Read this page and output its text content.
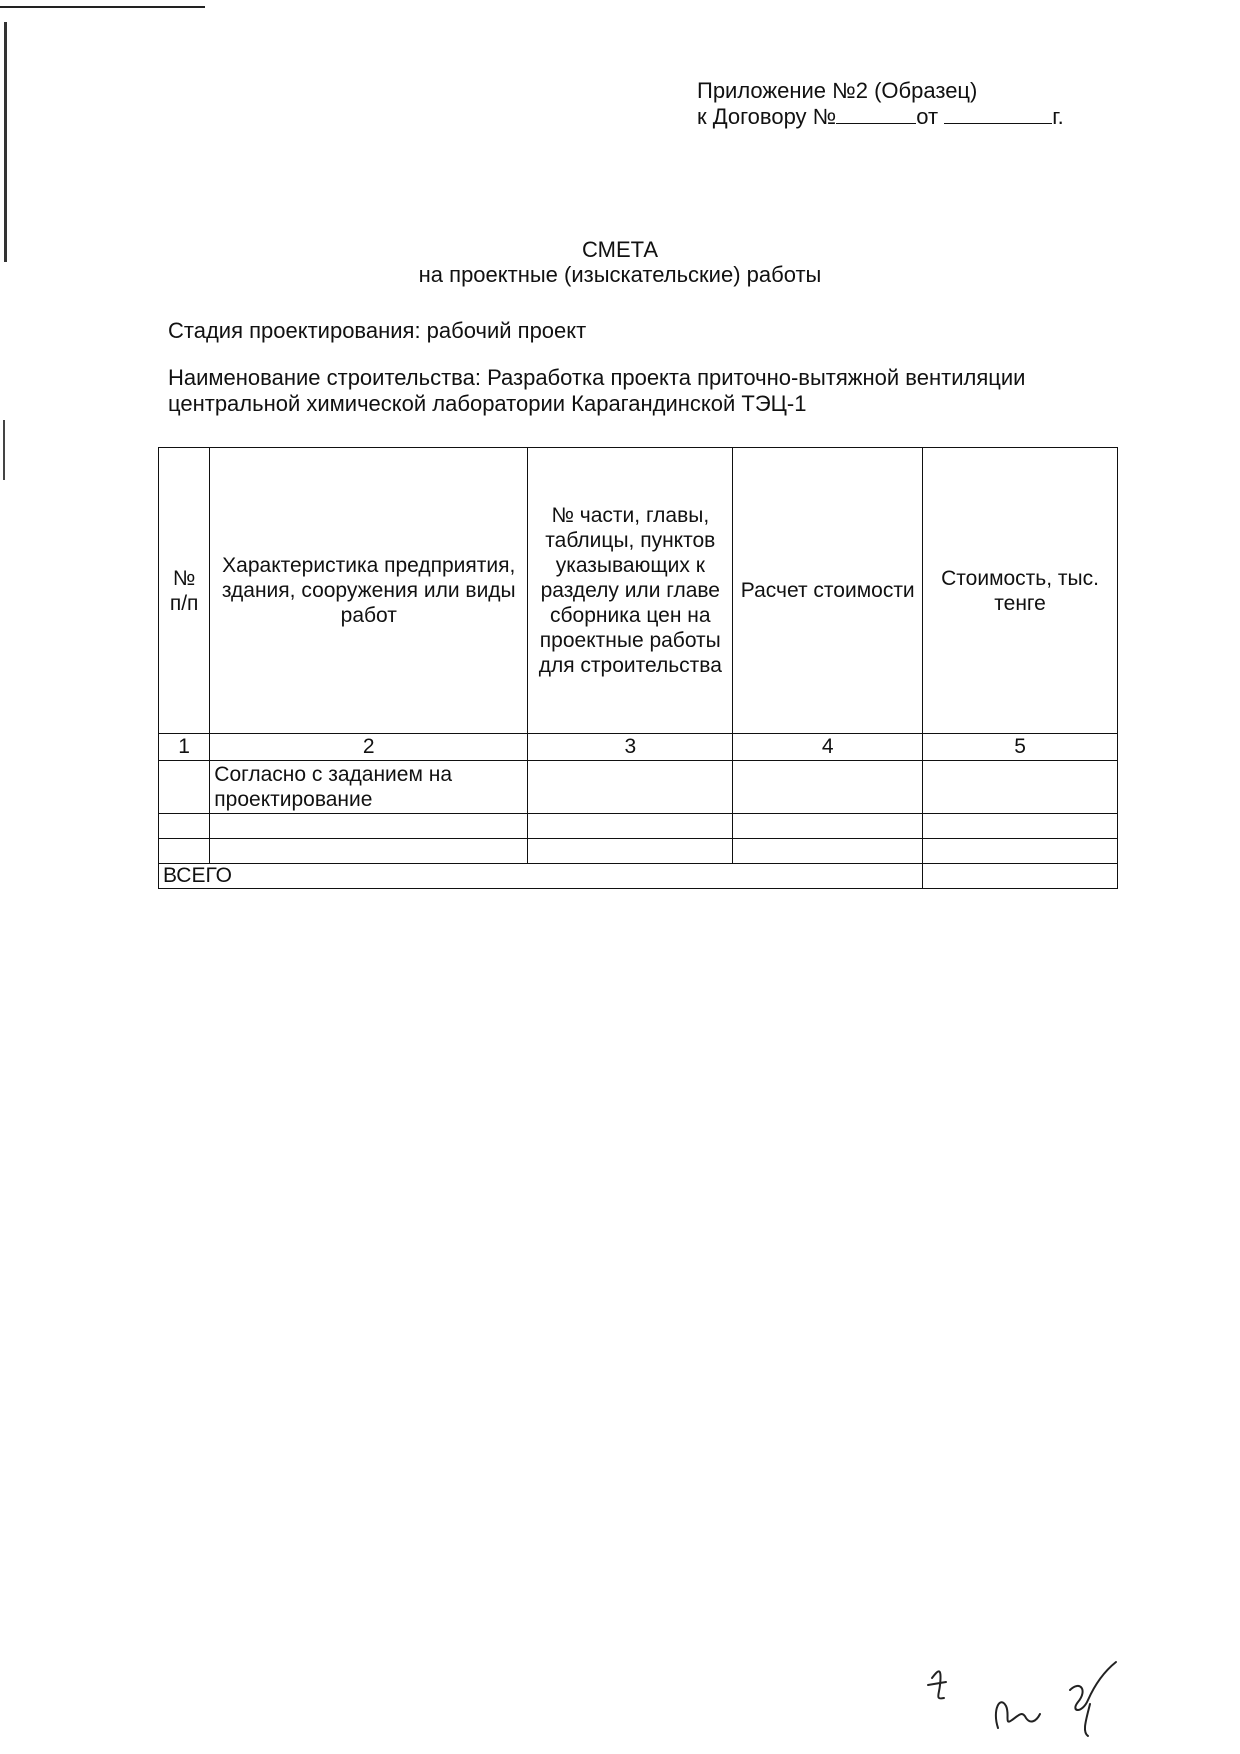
Приложение №2 (Образец)
к Договору №	от	г.
СМЕТА
на проектные (изыскательские) работы
Стадия проектирования: рабочий проект
Наименование строительства: Разработка проекта приточно-вытяжной вентиляции центральной химической лаборатории Карагандинской ТЭЦ-1
№ п/п	Характеристика предприятия, здания, сооружения или виды работ	№ части, главы, таблицы, пунктов указывающих к разделу или главе сборника цен на проектные работы для строительства	Расчет стоимости	Стоимость, тыс. тенге
1	2	3	4	5
	Согласно с заданием на проектирование			

ВСЕГО				
